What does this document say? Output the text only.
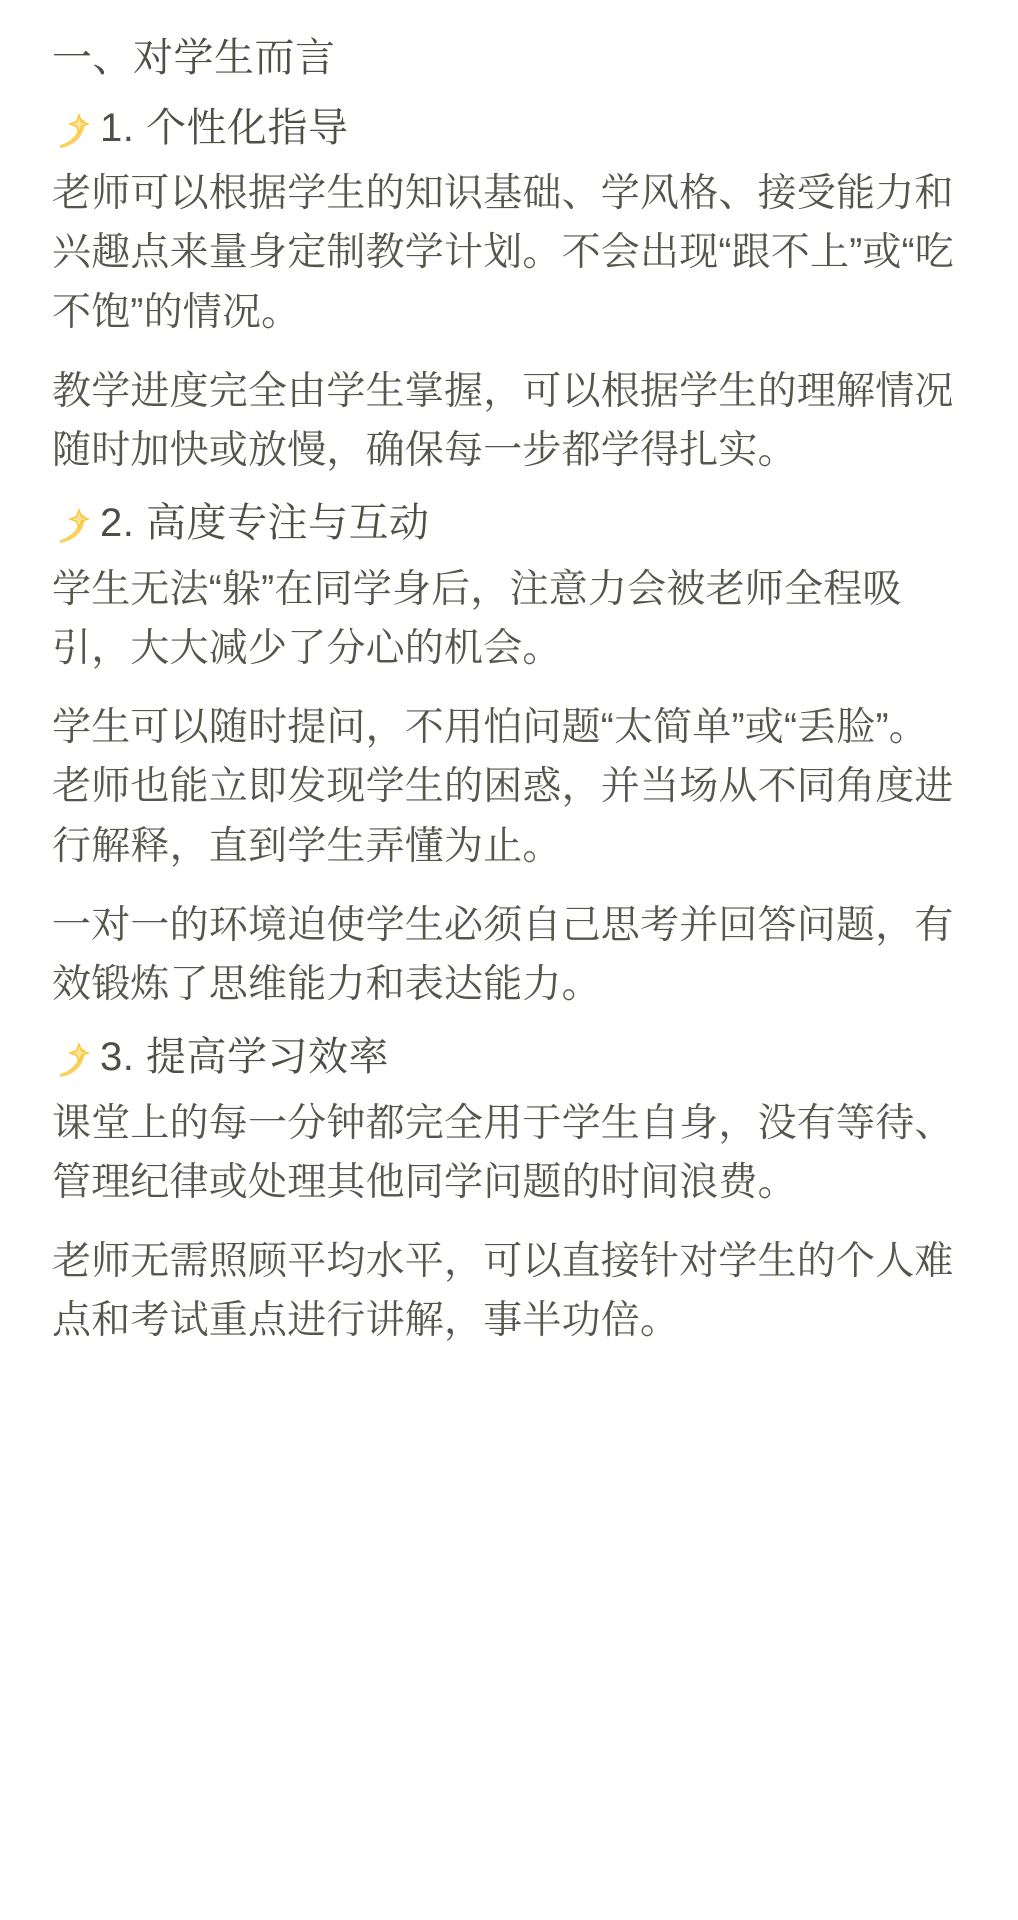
一、对学生而言
1. 个性化指导

老师可以根据学生的知识基础、学风格、接受能力和兴趣点来量身定制教学计划。不会出现“跟不上”或“吃不饱”的情况。

教学进度完全由学生掌握，可以根据学生的理解情况随时加快或放慢，确保每一步都学得扎实。

2. 高度专注与互动

学生无法“躲”在同学身后，注意力会被老师全程吸引，大大减少了分心的机会。

学生可以随时提问，不用怕问题“太简单”或“丢脸”。老师也能立即发现学生的困惑，并当场从不同角度进行解释，直到学生弄懂为止。

一对一的环境迫使学生必须自己思考并回答问题，有效锻炼了思维能力和表达能力。

3. 提高学习效率

课堂上的每一分钟都完全用于学生自身，没有等待、管理纪律或处理其他同学问题的时间浪费。

老师无需照顾平均水平，可以直接针对学生的个人难点和考试重点进行讲解，事半功倍。
